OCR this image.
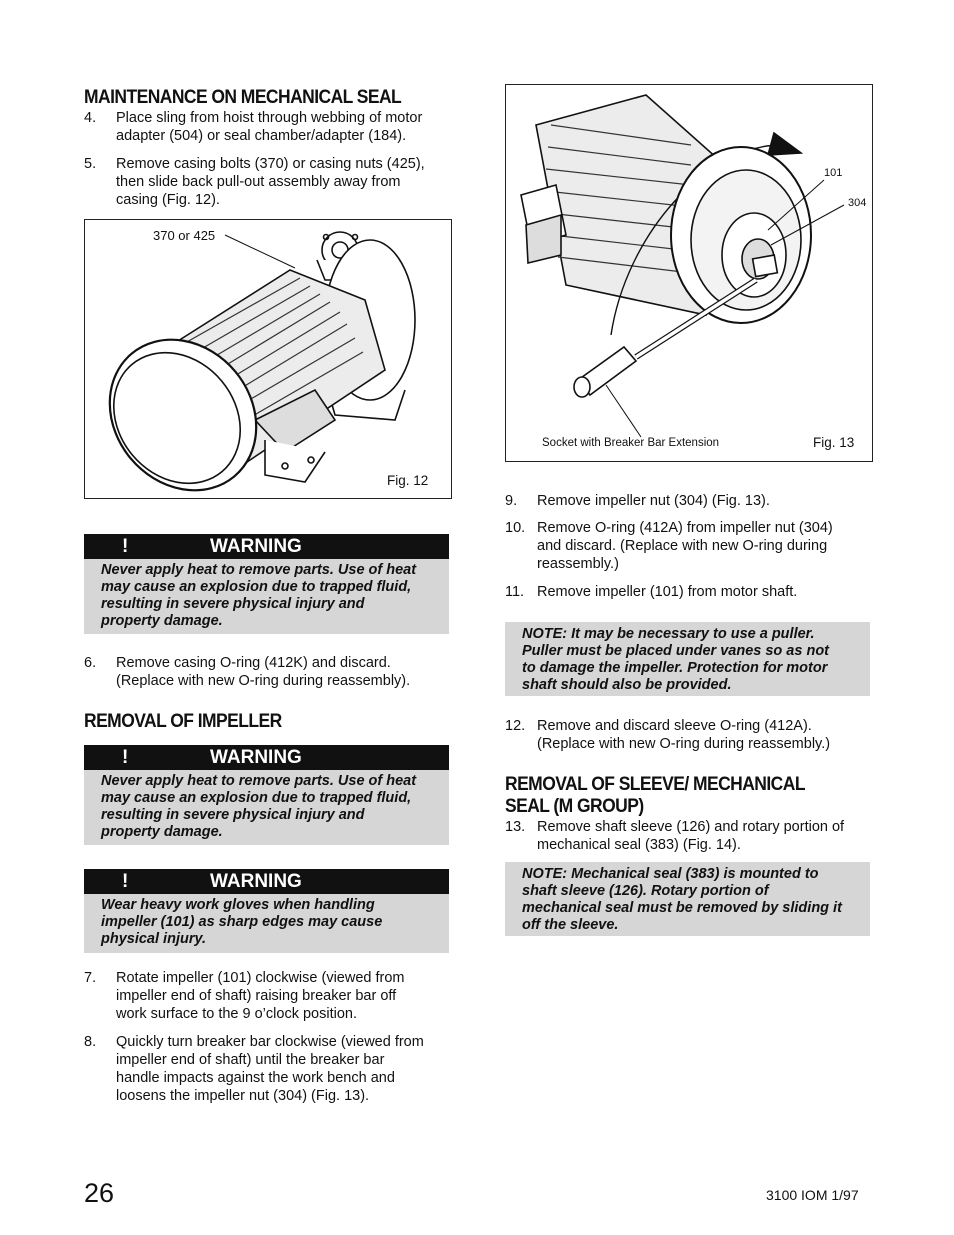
MAINTENANCE ON MECHANICAL SEAL
4.	Place sling from hoist through webbing of motor
adapter (504) or seal chamber/adapter (184).
5.	Remove casing bolts (370) or casing nuts (425),
then slide back pull-out assembly away from
casing (Fig. 12).
370 or 425
Fig. 12
!	WARNING
Never apply heat to remove parts. Use of heat
may cause an explosion due to trapped fluid,
resulting in severe physical injury and
property damage.
6.	Remove casing O-ring (412K) and discard.
(Replace with new O-ring during reassembly).
REMOVAL OF IMPELLER
!	WARNING
Never apply heat to remove parts. Use of heat
may cause an explosion due to trapped fluid,
resulting in severe physical injury and
property damage.
!	WARNING
Wear heavy work gloves when handling
impeller (101) as sharp edges may cause
physical injury.
7.	Rotate impeller (101) clockwise (viewed from
impeller end of shaft) raising breaker bar off
work surface to the 9 o’clock position.
8.	Quickly turn breaker bar clockwise (viewed from
impeller end of shaft) until the breaker bar
handle impacts against the work bench and
loosens the impeller nut (304) (Fig. 13).
101
304
Socket with Breaker Bar Extension	Fig. 13
9.	Remove impeller nut (304) (Fig. 13).
10. Remove O-ring (412A) from impeller nut (304)
and discard. (Replace with new O-ring during
reassembly.)
11. Remove impeller (101) from motor shaft.
NOTE: It may be necessary to use a puller.
Puller must be placed under vanes so as not
to damage the impeller. Protection for motor
shaft should also be provided.
12. Remove and discard sleeve O-ring (412A).
(Replace with new O-ring during reassembly.)
REMOVAL OF SLEEVE/ MECHANICAL
SEAL (M GROUP)
13. Remove shaft sleeve (126) and rotary portion of
mechanical seal (383) (Fig. 14).
NOTE: Mechanical seal (383) is mounted to
shaft sleeve (126). Rotary portion of
mechanical seal must be removed by sliding it
off the sleeve.
26	3100 IOM 1/97
